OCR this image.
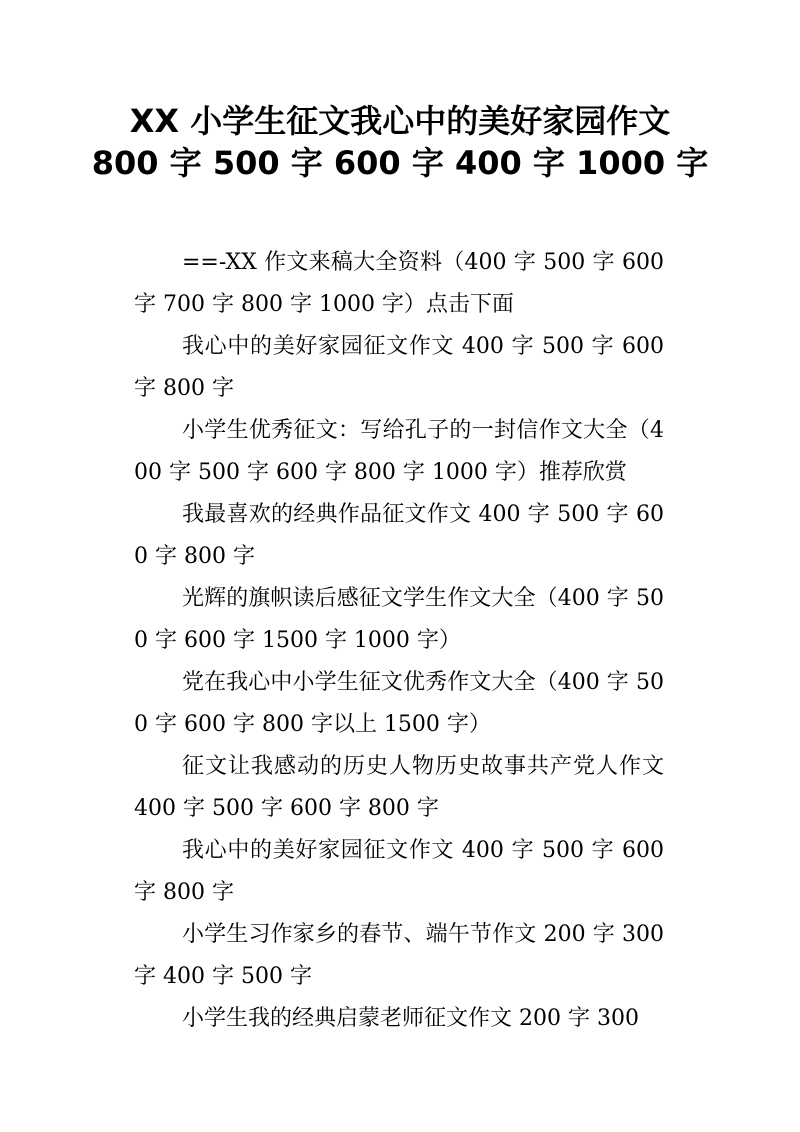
XX 小学生征文我心中的美好家园作文
800 字 500 字 600 字 400 字 1000 字

==-XX 作文来稿大全资料（400 字 500 字 600 字 700 字 800 字 1000 字）点击下面

我心中的美好家园征文作文 400 字 500 字 600 字 800 字

小学生优秀征文：写给孔子的一封信作文大全（400 字 500 字 600 字 800 字 1000 字）推荐欣赏

我最喜欢的经典作品征文作文 400 字 500 字 600 字 800 字

光辉的旗帜读后感征文学生作文大全（400 字 500 字 600 字 1500 字 1000 字）

党在我心中小学生征文优秀作文大全（400 字 500 字 600 字 800 字以上 1500 字）

征文让我感动的历史人物历史故事共产党人作文 400 字 500 字 600 字 800 字

我心中的美好家园征文作文 400 字 500 字 600 字 800 字

小学生习作家乡的春节、端午节作文 200 字 300 字 400 字 500 字

小学生我的经典启蒙老师征文作文 200 字 300
